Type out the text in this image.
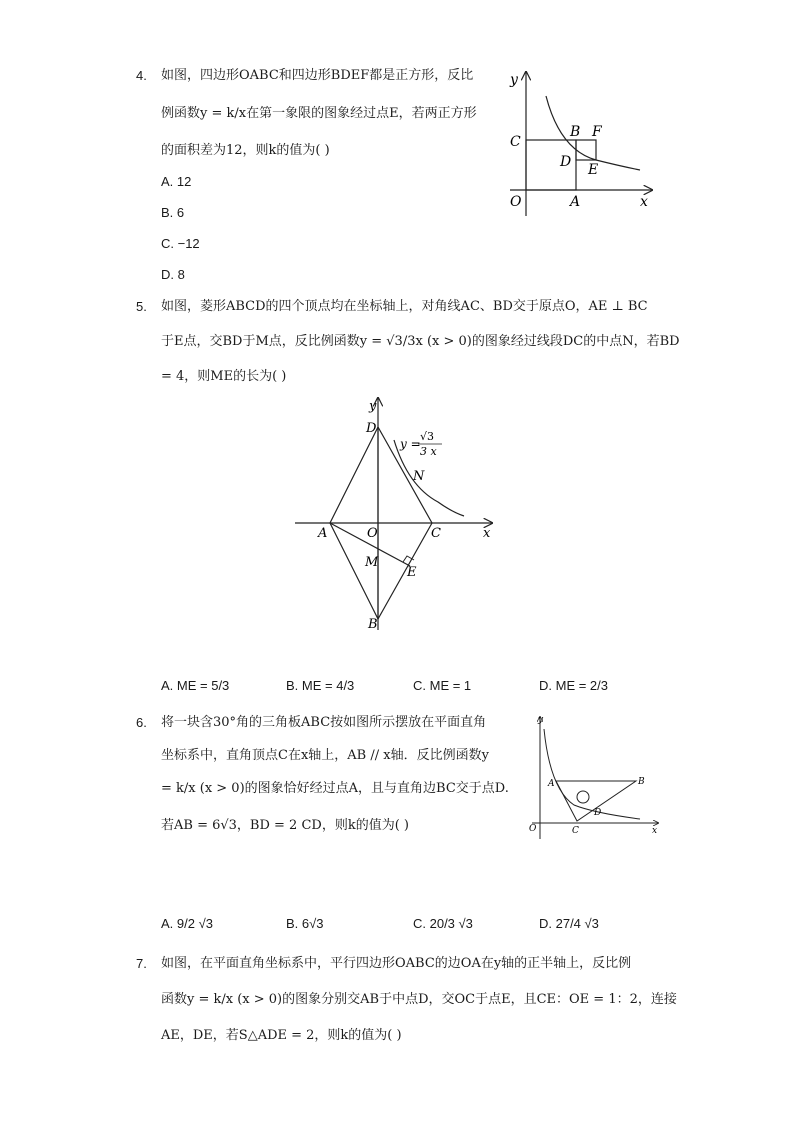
4. 如图，四边形OABC和四边形BDEF都是正方形，反比
例函数y = k/x在第一象限的图象经过点E，若两正方形
的面积差为12，则k的值为( )
A. 12
B. 6
C. −12
D. 8
y
x
O	A
B
C
D E
F
5. 如图，菱形ABCD的四个顶点均在坐标轴上，对角线AC、BD交于原点O，AE ⊥ BC
于E点，交BD于M点，反比例函数y = √3/3x (x > 0)的图象经过线段DC的中点N，若BD
= 4，则ME的长为( )
y
x
O
A
B
C
D
E
M
N
y =
√3
3 x
A. ME = 5/3	B. ME = 4/3	C. ME = 1	D. ME = 2/3
6. 将一块含30°角的三角板ABC按如图所示摆放在平面直角
坐标系中，直角顶点C在x轴上，AB // x轴．反比例函数y
= k/x (x > 0)的图象恰好经过点A，且与直角边BC交于点D.
若AB = 6√3，BD = 2 CD，则k的值为( )
y
x
O
A	B
C
D
A. 9/2 √3	B. 6√3	C. 20/3 √3	D. 27/4 √3
7. 如图，在平面直角坐标系中，平行四边形OABC的边OA在y轴的正半轴上，反比例
函数y = k/x (x > 0)的图象分别交AB于中点D，交OC于点E，且CE：OE = 1：2，连接
AE，DE，若S△ADE = 2，则k的值为( )
